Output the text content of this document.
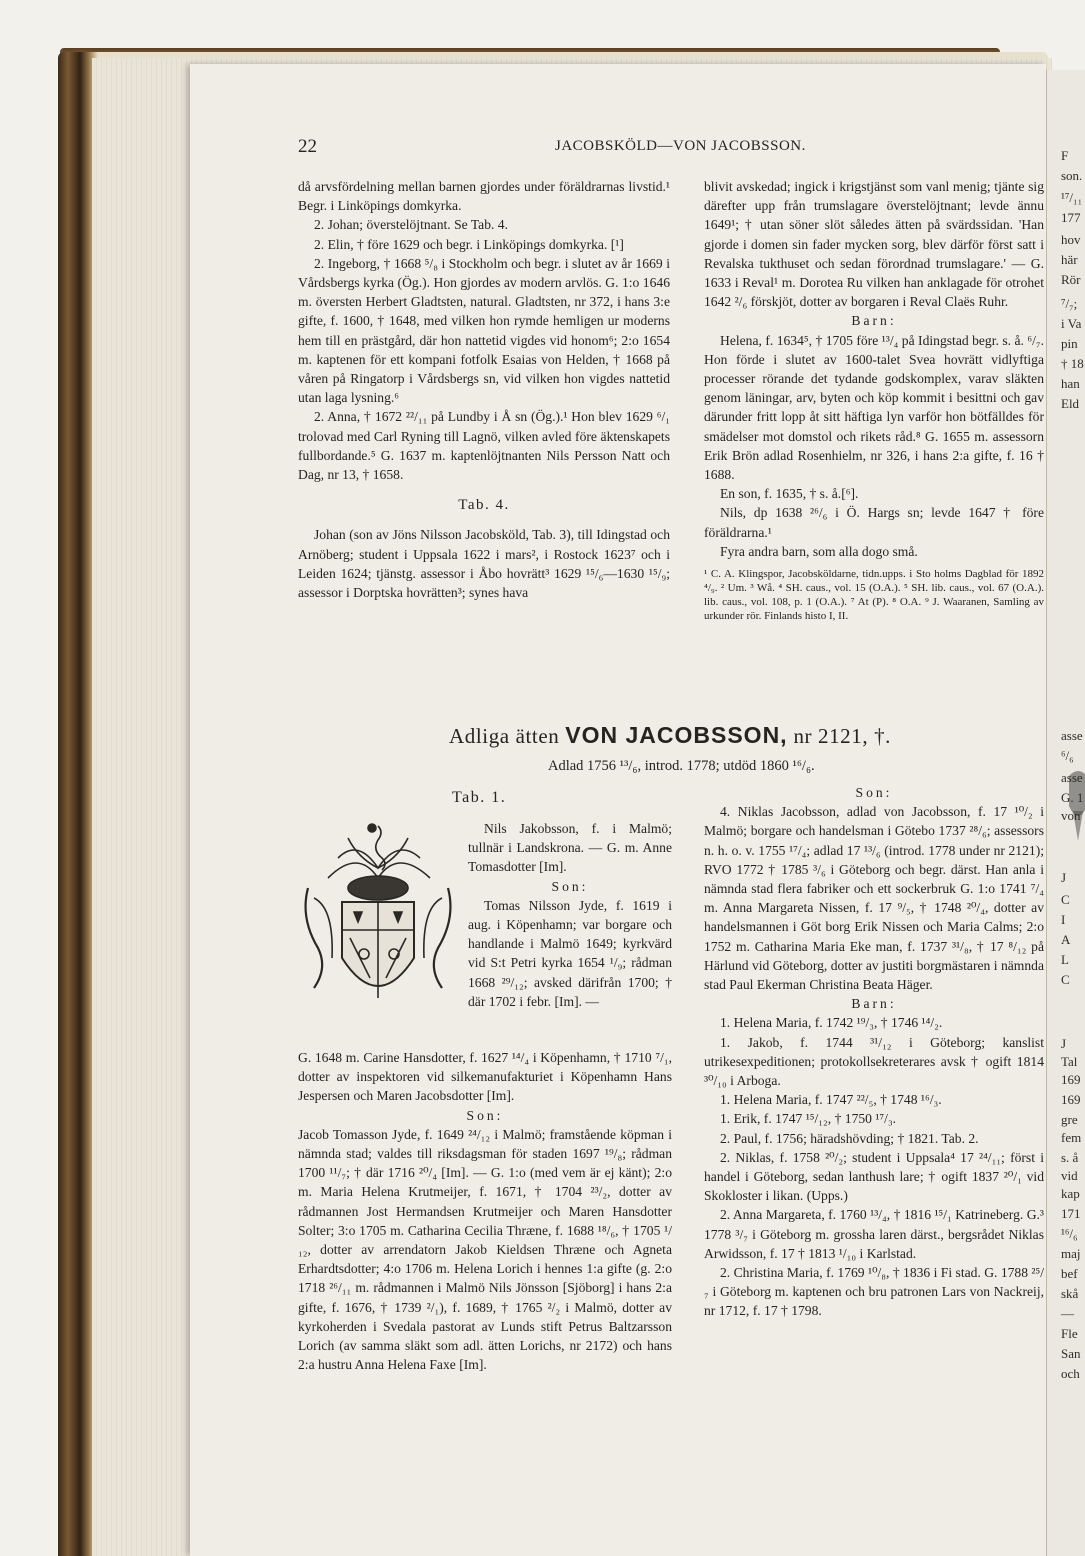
F
son.
¹⁷/₁₁
177
hov
här
Rör
⁷/₇;
i Va
pin
† 18
han
Eld
asse
⁶/₆
asse
G. 1
von
J
C
I
A
L
C
J
Tal
169
169
gre
fem
s. å
vid
kap
171
¹⁶/₆
maj
bef
skå
—
Fle
San
och
22	JACOBSKÖLD—VON JACOBSSON.

då arvsfördelning mellan barnen gjordes under föräldrarnas livstid.¹ Begr. i Linköpings domkyrka.

2. Johan; överstelöjtnant. Se Tab. 4.

2. Elin, † före 1629 och begr. i Linköpings domkyrka. [¹]

2. Ingeborg, † 1668 ⁵/₈ i Stockholm och begr. i slutet av år 1669 i Vårdsbergs kyrka (Ög.). Hon gjordes av modern arvlös. G. 1:o 1646 m. översten Herbert Gladtsten, natural. Gladtsten, nr 372, i hans 3:e gifte, f. 1600, † 1648, med vilken hon rymde hemligen ur moderns hem till en prästgård, där hon nattetid vigdes vid honom⁶; 2:o 1654 m. kaptenen för ett kompani fotfolk Esaias von Helden, † 1668 på våren på Ringatorp i Vårdsbergs sn, vid vilken hon vigdes nattetid utan laga lysning.⁶

2. Anna, † 1672 ²²/₁₁ på Lundby i Å sn (Ög.).¹ Hon blev 1629 ⁶/₁ trolovad med Carl Ryning till Lagnö, vilken avled före äktenskapets fullbordande.⁵ G. 1637 m. kaptenlöjtnanten Nils Persson Natt och Dag, nr 13, † 1658.

Tab. 4.

Johan (son av Jöns Nilsson Jacobsköld, Tab. 3), till Idingstad och Arnöberg; student i Uppsala 1622 i mars², i Rostock 1623⁷ och i Leiden 1624; tjänstg. assessor i Åbo hovrätt³ 1629 ¹⁵/₆—1630 ¹⁵/₉; assessor i Dorptska hovrätten³; synes hava

blivit avskedad; ingick i krigstjänst som vanl menig; tjänte sig därefter upp från trumslagare överstelöjtnant; levde ännu 1649¹; † utan söner slöt således ätten på svärdssidan. 'Han gjorde i domen sin fader mycken sorg, blev därför först satt i Revalska tukthuset och sedan förordnad trumslagare.' — G. 1633 i Reval¹ m. Dorotea Ru vilken han anklagade för otrohet 1642 ²/₆ förskjöt, dotter av borgaren i Reval Claës Ruhr.

Barn:

Helena, f. 1634⁵, † 1705 före ¹³/₄ på Idingstad begr. s. å. ⁶/₇. Hon förde i slutet av 1600-talet Svea hovrätt vidlyftiga processer rörande det tydande godskomplex, varav släkten genom läningar, arv, byten och köp kommit i besittni och gav därunder fritt lopp åt sitt häftiga lyn varför hon bötfälldes för smädelser mot domstol och rikets råd.⁸ G. 1655 m. assessorn Erik Brön adlad Rosenhielm, nr 326, i hans 2:a gifte, f. 16 † 1688.

En son, f. 1635, † s. å.[⁶].

Nils, dp 1638 ²⁶/₆ i Ö. Hargs sn; levde 1647 † före föräldrarna.¹

Fyra andra barn, som alla dogo små.

¹ C. A. Klingspor, Jacobsköldarne, tidn.upps. i Sto holms Dagblad för 1892 ⁴/₉. ² Um. ³ Wå. ⁴ SH. caus., vol. 15 (O.A.). ⁵ SH. lib. caus., vol. 67 (O.A.). lib. caus., vol. 108, p. 1 (O.A.). ⁷ At (P). ⁸ O.A. ⁹ J. Waaranen, Samling av urkunder rör. Finlands histo I, II.

Adliga ätten VON JACOBSSON, nr 2121, †.
Adlad 1756 ¹³/₆, introd. 1778; utdöd 1860 ¹⁶/₆.
Tab. 1.

Nils Jakobsson, f. i Malmö; tullnär i Landskrona. — G. m. Anne Tomasdotter [Im].

Son:

Tomas Nilsson Jyde, f. 1619 i aug. i Köpenhamn; var borgare och handlande i Malmö 1649; kyrkvärd vid S:t Petri kyrka 1654 ¹/₉; rådman 1668 ²⁹/₁₂; avsked därifrån 1700; † där 1702 i febr. [Im]. —

G. 1648 m. Carine Hansdotter, f. 1627 ¹⁴/₄ i Köpenhamn, † 1710 ⁷/₁, dotter av inspektoren vid silkemanufakturiet i Köpenhamn Hans Jespersen och Maren Jacobsdotter [Im].

Son:

Jacob Tomasson Jyde, f. 1649 ²⁴/₁₂ i Malmö; framstående köpman i nämnda stad; valdes till riksdagsman för staden 1697 ¹⁹/₈; rådman 1700 ¹¹/₇; † där 1716 ²⁰/₄ [Im]. — G. 1:o (med vem är ej känt); 2:o m. Maria Helena Krutmeijer, f. 1671, † 1704 ²³/₂, dotter av rådmannen Jost Hermandsen Krutmeijer och Maren Hansdotter Solter; 3:o 1705 m. Catharina Cecilia Thræne, f. 1688 ¹⁸/₆, † 1705 ¹/₁₂, dotter av arrendatorn Jakob Kieldsen Thræne och Agneta Erhardtsdotter; 4:o 1706 m. Helena Lorich i hennes 1:a gifte (g. 2:o 1718 ²⁶/₁₁ m. rådmannen i Malmö Nils Jönsson [Sjöborg] i hans 2:a gifte, f. 1676, † 1739 ²/₁), f. 1689, † 1765 ²/₂ i Malmö, dotter av kyrkoherden i Svedala pastorat av Lunds stift Petrus Baltzarsson Lorich (av samma släkt som adl. ätten Lorichs, nr 2172) och hans 2:a hustru Anna Helena Faxe [Im].

Son:

4. Niklas Jacobsson, adlad von Jacobsson, f. 17 ¹⁰/₂ i Malmö; borgare och handelsman i Götebo 1737 ²⁸/₆; assessors n. h. o. v. 1755 ¹⁷/₄; adlad 17 ¹³/₆ (introd. 1778 under nr 2121); RVO 1772 † 1785 ³/₆ i Göteborg och begr. därst. Han anla i nämnda stad flera fabriker och ett sockerbruk G. 1:o 1741 ⁷/₄ m. Anna Margareta Nissen, f. 17 ⁹/₅, † 1748 ²⁰/₄, dotter av handelsmannen i Göt borg Erik Nissen och Maria Calms; 2:o 1752 m. Catharina Maria Eke man, f. 1737 ³¹/₈, † 17 ⁸/₁₂ på Härlund vid Göteborg, dotter av justiti borgmästaren i nämnda stad Paul Ekerman Christina Beata Häger.

Barn:

1. Helena Maria, f. 1742 ¹⁹/₃, † 1746 ¹⁴/₂.

1. Jakob, f. 1744 ³¹/₁₂ i Göteborg; kanslist utrikesexpeditionen; protokollsekreterares avsk † ogift 1814 ³⁰/₁₀ i Arboga.

1. Helena Maria, f. 1747 ²²/₅, † 1748 ¹⁶/₃.

1. Erik, f. 1747 ¹⁵/₁₂, † 1750 ¹⁷/₃.

2. Paul, f. 1756; häradshövding; † 1821. Tab. 2.

2. Niklas, f. 1758 ²⁰/₂; student i Uppsala⁴ 17 ²⁴/₁₁; först i handel i Göteborg, sedan lanthush lare; † ogift 1837 ²⁰/₁ vid Skokloster i likan. (Upps.)

2. Anna Margareta, f. 1760 ¹³/₄, † 1816 ¹⁵/₁ Katrineberg. G.³ 1778 ³/₇ i Göteborg m. grossha laren därst., bergsrådet Niklas Arwidsson, f. 17 † 1813 ¹/₁₀ i Karlstad.

2. Christina Maria, f. 1769 ¹⁰/₈, † 1836 i Fi stad. G. 1788 ²⁵/₇ i Göteborg m. kaptenen och bru patronen Lars von Nackreij, nr 1712, f. 17 † 1798.
